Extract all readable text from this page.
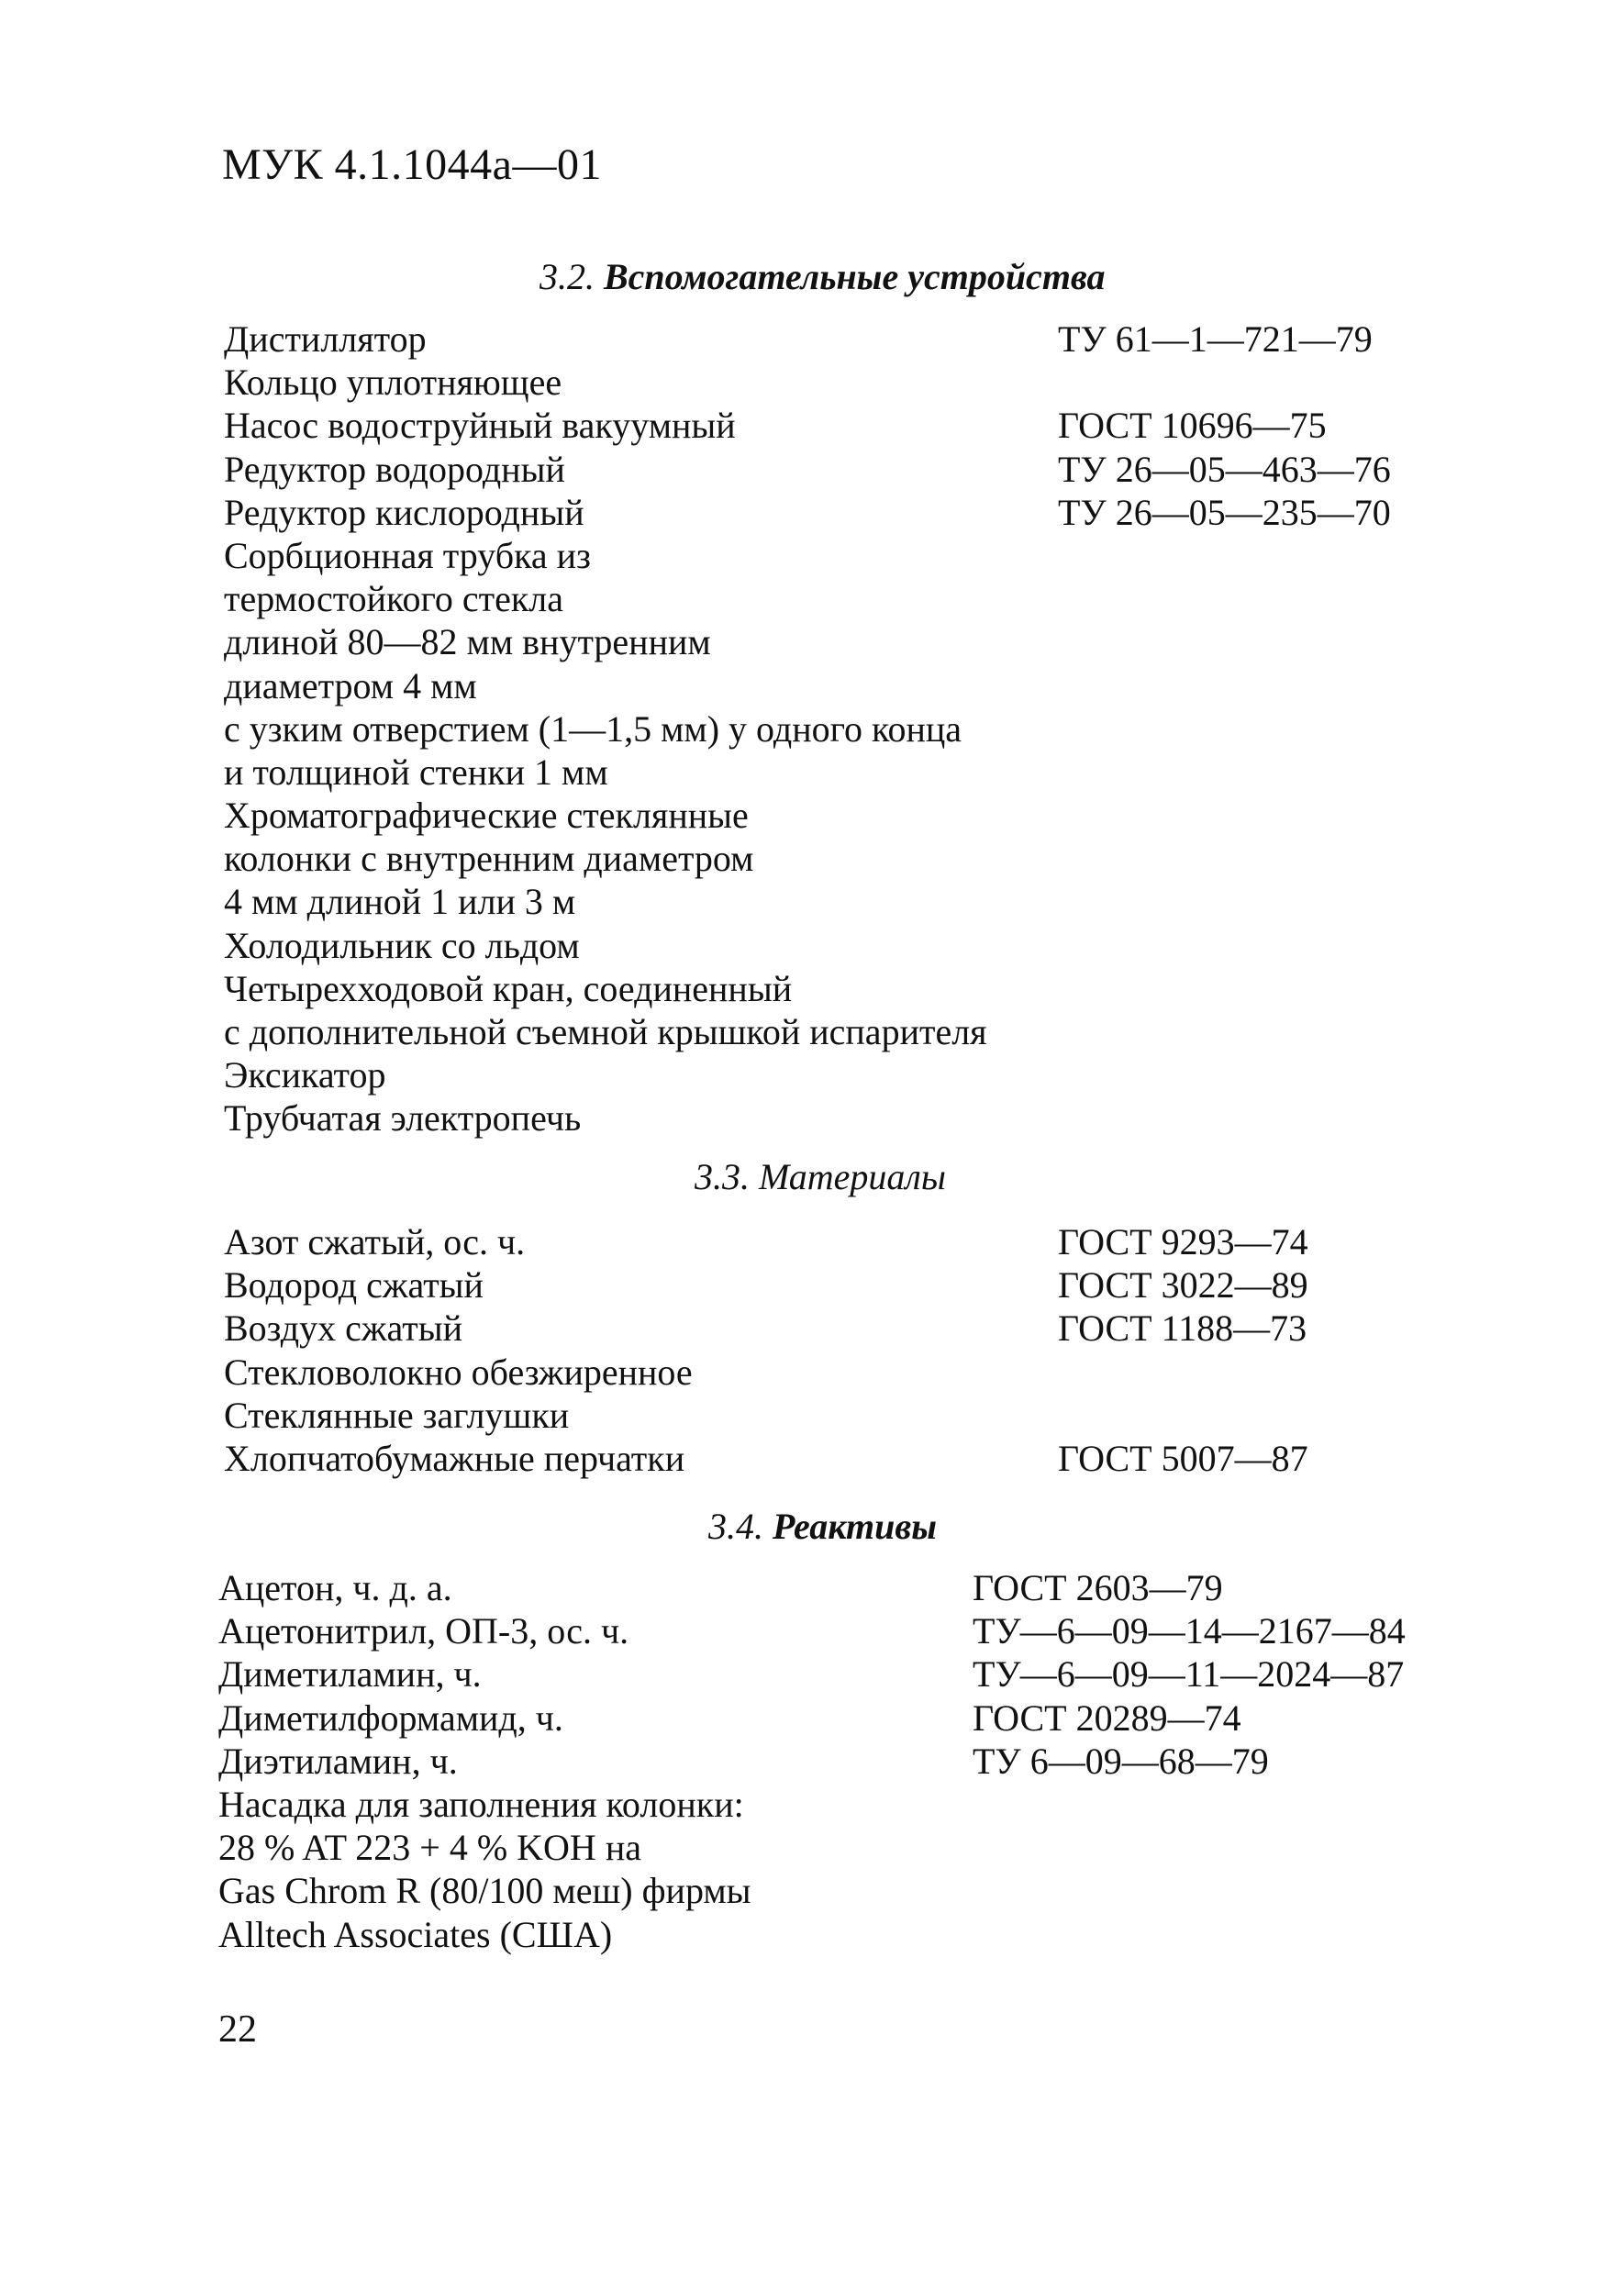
МУК 4.1.1044а—01
3.2. Вспомогательные устройства
Дистиллятор	ТУ 61—1—721—79
Кольцо уплотняющее
Насос водоструйный вакуумный	ГОСТ 10696—75
Редуктор водородный	ТУ 26—05—463—76
Редуктор кислородный	ТУ 26—05—235—70
Сорбционная трубка из
термостойкого стекла
длиной 80—82 мм внутренним
диаметром 4 мм
с узким отверстием (1—1,5 мм) у одного конца
и толщиной стенки 1 мм
Хроматографические стеклянные
колонки с внутренним диаметром
4 мм длиной 1 или 3 м
Холодильник со льдом
Четырехходовой кран, соединенный
с дополнительной съемной крышкой испарителя
Эксикатор
Трубчатая электропечь
3.3. Материалы
Азот сжатый, ос. ч.	ГОСТ 9293—74
Водород сжатый	ГОСТ 3022—89
Воздух сжатый	ГОСТ 1188—73
Стекловолокно обезжиренное
Стеклянные заглушки
Хлопчатобумажные перчатки	ГОСТ 5007—87
3.4. Реактивы
Ацетон, ч. д. а.	ГОСТ 2603—79
Ацетонитрил, ОП-3, ос. ч.	ТУ—6—09—14—2167—84
Диметиламин, ч.	ТУ—6—09—11—2024—87
Диметилформамид, ч.	ГОСТ 20289—74
Диэтиламин, ч.	ТУ 6—09—68—79
Насадка для заполнения колонки:
28 % AT 223 + 4 % KOH на
Gas Chrom R (80/100 меш) фирмы
Alltech Associates (США)
22
